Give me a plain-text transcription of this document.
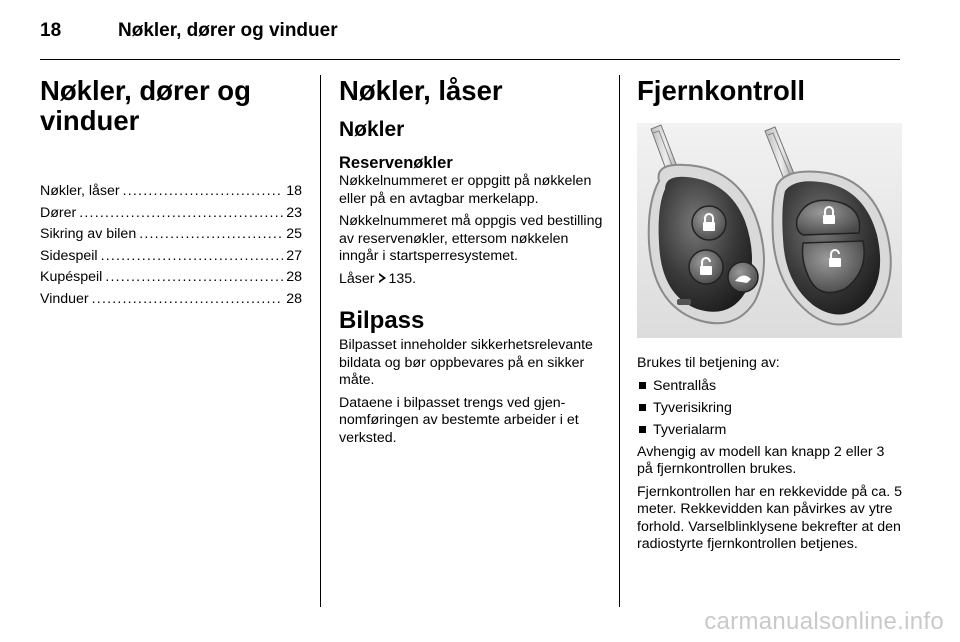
18	Nøkler, dører og vinduer
Nøkler, dører og vinduer
Nøkler, låser .....	18
Dører .....	23
Sikring av bilen .....	25
Sidespeil .....	27
Kupéspeil .....	28
Vinduer .....	28
Nøkler, låser
Nøkler
Reservenøkler

Nøkkelnummeret er oppgitt på nøkkelen eller på en avtagbar merkelapp.

Nøkkelnummeret må oppgis ved bestilling av reservenøkler, ettersom nøkkelen inngår i startsperresystemet.

Låser 135.

Bilpass

Bilpasset inneholder sikkerhetsrelevante bildata og bør oppbevares på en sikker måte.

Dataene i bilpasset trengs ved gjennomføringen av bestemte arbeider i et verksted.

Fjernkontroll

Brukes til betjening av:

Sentrallås
Tyverisikring
Tyverialarm

Avhengig av modell kan knapp 2 eller 3 på fjernkontrollen brukes.

Fjernkontrollen har en rekkevidde på ca. 5 meter. Rekkevidden kan påvirkes av ytre forhold. Varselblinklysene bekrefter at den radiostyrte fjernkontrollen betjenes.

carmanualsonline.info
